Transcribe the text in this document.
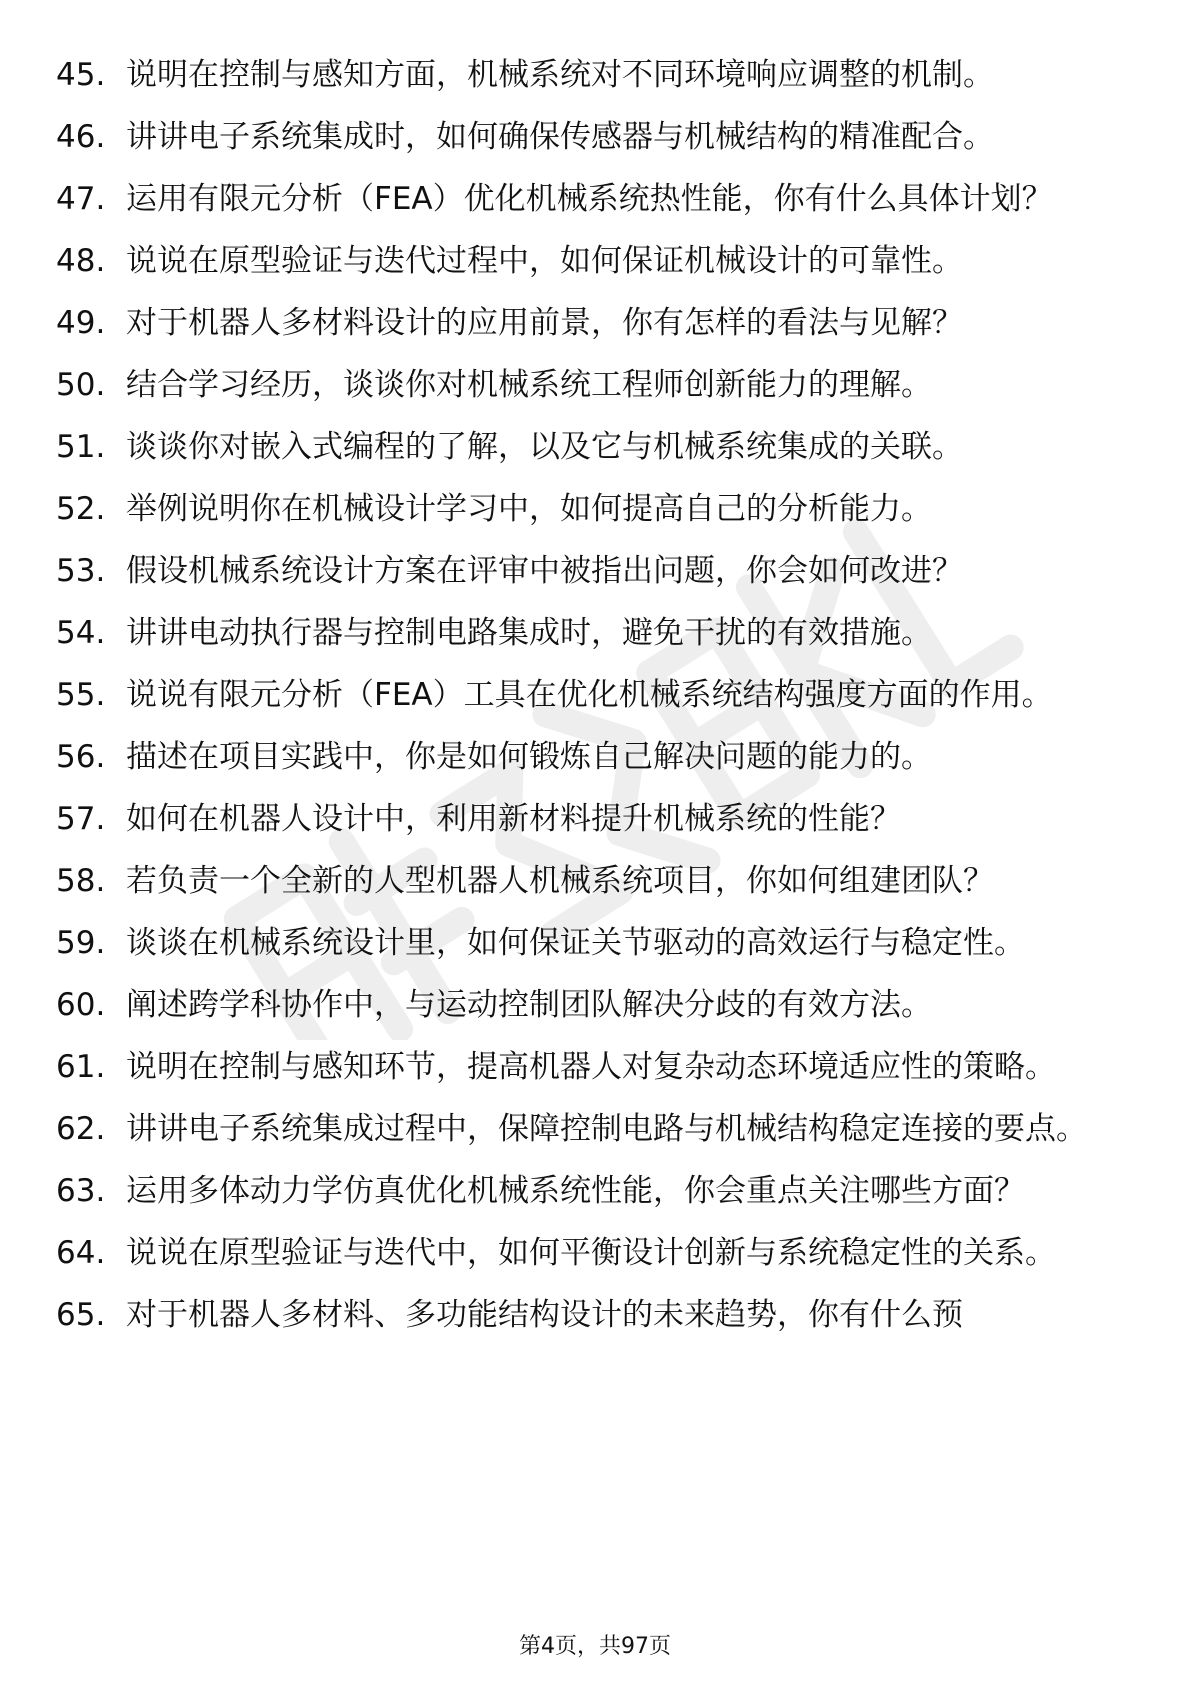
45. 说明在控制与感知方面，机械系统对不同环境响应调整的机制。
46. 讲讲电子系统集成时，如何确保传感器与机械结构的精准配合。
47. 运用有限元分析（FEA）优化机械系统热性能，你有什么具体计划？
48. 说说在原型验证与迭代过程中，如何保证机械设计的可靠性。
49. 对于机器人多材料设计的应用前景，你有怎样的看法与见解？
50. 结合学习经历，谈谈你对机械系统工程师创新能力的理解。
51. 谈谈你对嵌入式编程的了解，以及它与机械系统集成的关联。
52. 举例说明你在机械设计学习中，如何提高自己的分析能力。
53. 假设机械系统设计方案在评审中被指出问题，你会如何改进？
54. 讲讲电动执行器与控制电路集成时，避免干扰的有效措施。
55. 说说有限元分析（FEA）工具在优化机械系统结构强度方面的作用。
56. 描述在项目实践中，你是如何锻炼自己解决问题的能力的。
57. 如何在机器人设计中，利用新材料提升机械系统的性能？
58. 若负责一个全新的人型机器人机械系统项目，你如何组建团队？
59. 谈谈在机械系统设计里，如何保证关节驱动的高效运行与稳定性。
60. 阐述跨学科协作中，与运动控制团队解决分歧的有效方法。
61. 说明在控制与感知环节，提高机器人对复杂动态环境适应性的策略。
62. 讲讲电子系统集成过程中，保障控制电路与机械结构稳定连接的要点。
63. 运用多体动力学仿真优化机械系统性能，你会重点关注哪些方面？
64. 说说在原型验证与迭代中，如何平衡设计创新与系统稳定性的关系。
65. 对于机器人多材料、多功能结构设计的未来趋势，你有什么预
第4页，共97页
